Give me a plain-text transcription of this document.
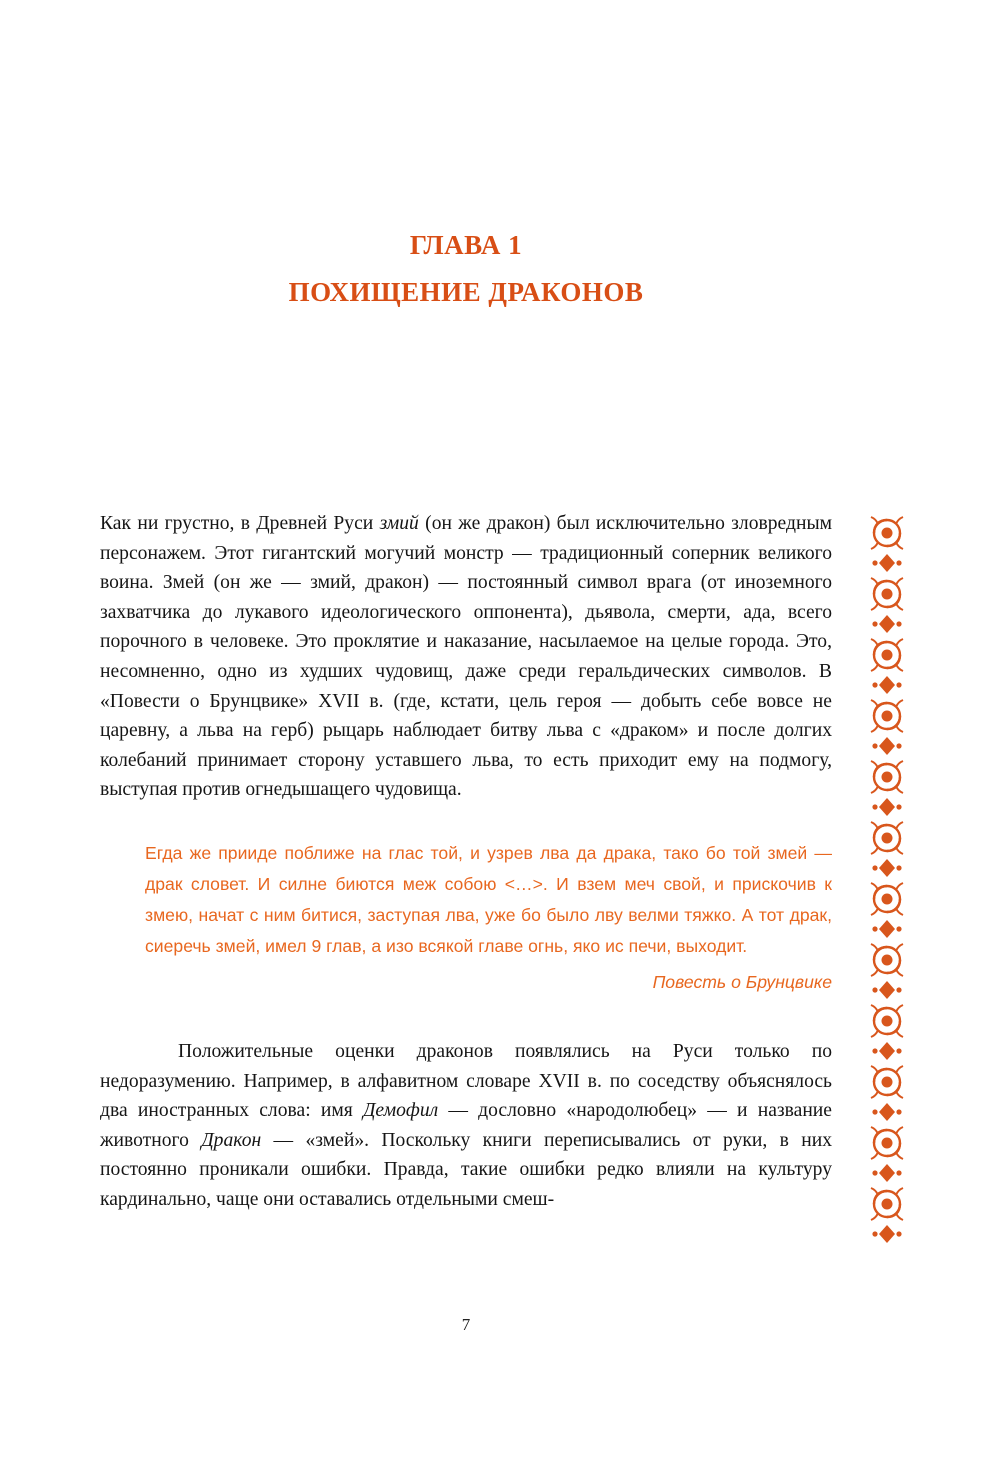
ГЛАВА 1
ПОХИЩЕНИЕ ДРАКОНОВ

Как ни грустно, в Древней Руси змий (он же дракон) был исключительно зловредным персонажем. Этот гигантский могучий монстр — традиционный соперник великого воина. Змей (он же — змий, дракон) — постоянный символ врага (от иноземного захватчика до лукавого идеологического оппонента), дьявола, смерти, ада, всего порочного в человеке. Это проклятие и наказание, насылаемое на целые города. Это, несомненно, одно из худших чудовищ, даже среди геральдических символов. В «Повести о Брунцвике» XVII в. (где, кстати, цель героя — добыть себе вовсе не царевну, а льва на герб) рыцарь наблюдает битву льва с «драком» и после долгих колебаний принимает сторону уставшего льва, то есть приходит ему на подмогу, выступая против огнедышащего чудовища.

Егда же прииде поближе на глас той, и узрев лва да драка, тако бо той змей — драк словет. И силне биются меж собою <…>. И взем меч свой, и прискочив к змею, начат с ним битися, заступая лва, уже бо было лву велми тяжко. А тот драк, сиеречь змей, имел 9 глав, а изо всякой главе огнь, яко ис печи, выходит.
Повесть о Брунцвике

Положительные оценки драконов появлялись на Руси только по недоразумению. Например, в алфавитном словаре XVII в. по соседству объяснялось два иностранных слова: имя Демофил — дословно «народолюбец» — и название животного Дракон — «змей». Поскольку книги переписывались от руки, в них постоянно проникали ошибки. Правда, такие ошибки редко влияли на культуру кардинально, чаще они оставались отдельными смеш-

7
